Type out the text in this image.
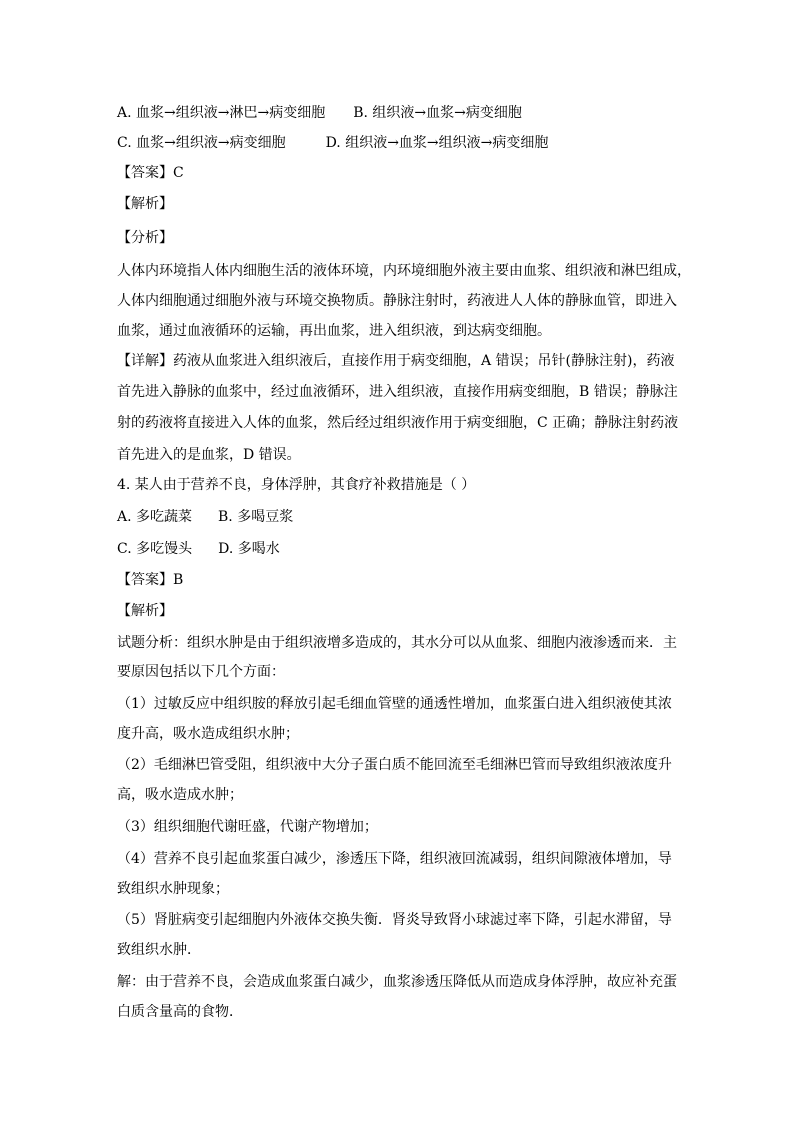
A. 血浆→组织液→淋巴→病变细胞 B. 组织液→血浆→病变细胞
C. 血浆→组织液→病变细胞	D. 组织液→血浆→组织液→病变细胞
【答案】C
【解析】
【分析】
人体内环境指人体内细胞生活的液体环境，内环境细胞外液主要由血浆、组织液和淋巴组成，
人体内细胞通过细胞外液与环境交换物质。静脉注射时，药液进人人体的静脉血管，即进入
血浆，通过血液循环的运输，再出血浆，进入组织液，到达病变细胞。
【详解】药液从血浆进入组织液后，直接作用于病变细胞，A 错误；吊针(静脉注射)，药液
首先进入静脉的血浆中，经过血液循环，进入组织液，直接作用病变细胞，B 错误；静脉注
射的药液将直接进入人体的血浆，然后经过组织液作用于病变细胞，C 正确；静脉注射药液
首先进入的是血浆，D 错误。
4. 某人由于营养不良，身体浮肿，其食疗补救措施是（ ）
A. 多吃蔬菜 B. 多喝豆浆
C. 多吃馒头 D. 多喝水
【答案】B
【解析】
试题分析：组织水肿是由于组织液增多造成的，其水分可以从血浆、细胞内液渗透而来．主
要原因包括以下几个方面：
（1）过敏反应中组织胺的释放引起毛细血管壁的通透性增加，血浆蛋白进入组织液使其浓
度升高，吸水造成组织水肿；
（2）毛细淋巴管受阻，组织液中大分子蛋白质不能回流至毛细淋巴管而导致组织液浓度升
高，吸水造成水肿；
（3）组织细胞代谢旺盛，代谢产物增加；
（4）营养不良引起血浆蛋白减少，渗透压下降，组织液回流减弱，组织间隙液体增加，导
致组织水肿现象；
（5）肾脏病变引起细胞内外液体交换失衡．肾炎导致肾小球滤过率下降，引起水滞留，导
致组织水肿．
解：由于营养不良，会造成血浆蛋白减少，血浆渗透压降低从而造成身体浮肿，故应补充蛋
白质含量高的食物．
